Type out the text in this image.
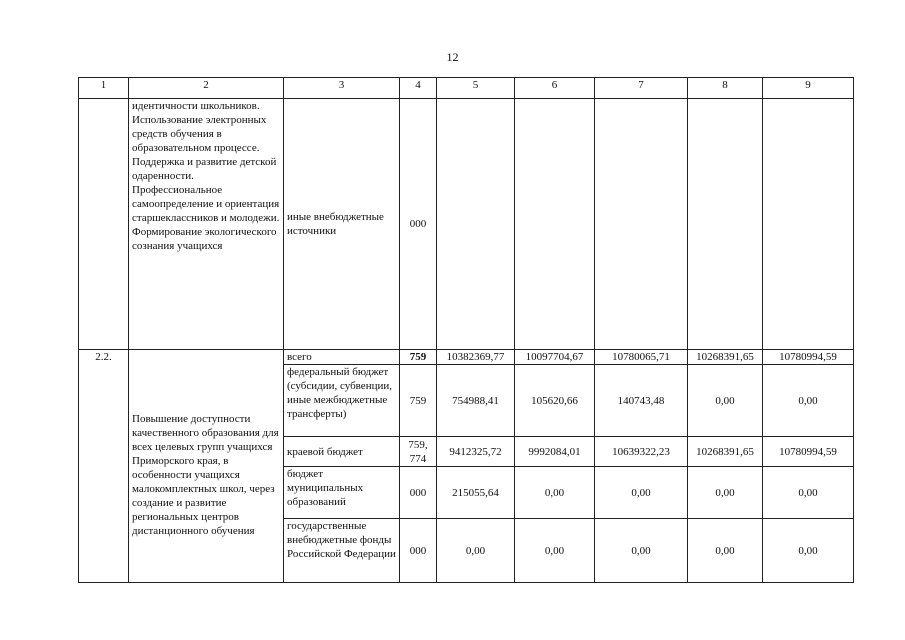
12
1	2	3	4	5	6	7	8	9
	идентичности школьников. Использование электронных средств обучения в образовательном процессе. Поддержка и развитие детской одаренности. Профессиональное самоопределение и ориентация старшеклассников и молодежи. Формирование экологического сознания учащихся	иные внебюджетные источники	000					
2.2.	Повышение доступности качественного образования для всех целевых групп учащихся Приморского края, в особенности учащихся малокомплектных школ, через создание и развитие региональных центров дистанционного обучения	всего	759	10382369,77	10097704,67	10780065,71	10268391,65	10780994,59
		федеральный бюджет (субсидии, субвенции, иные межбюджетные трансферты)	759	754988,41	105620,66	140743,48	0,00	0,00
		краевой бюджет	759, 774	9412325,72	9992084,01	10639322,23	10268391,65	10780994,59
		бюджет муниципальных образований	000	215055,64	0,00	0,00	0,00	0,00
		государственные внебюджетные фонды Российской Федерации	000	0,00	0,00	0,00	0,00	0,00
